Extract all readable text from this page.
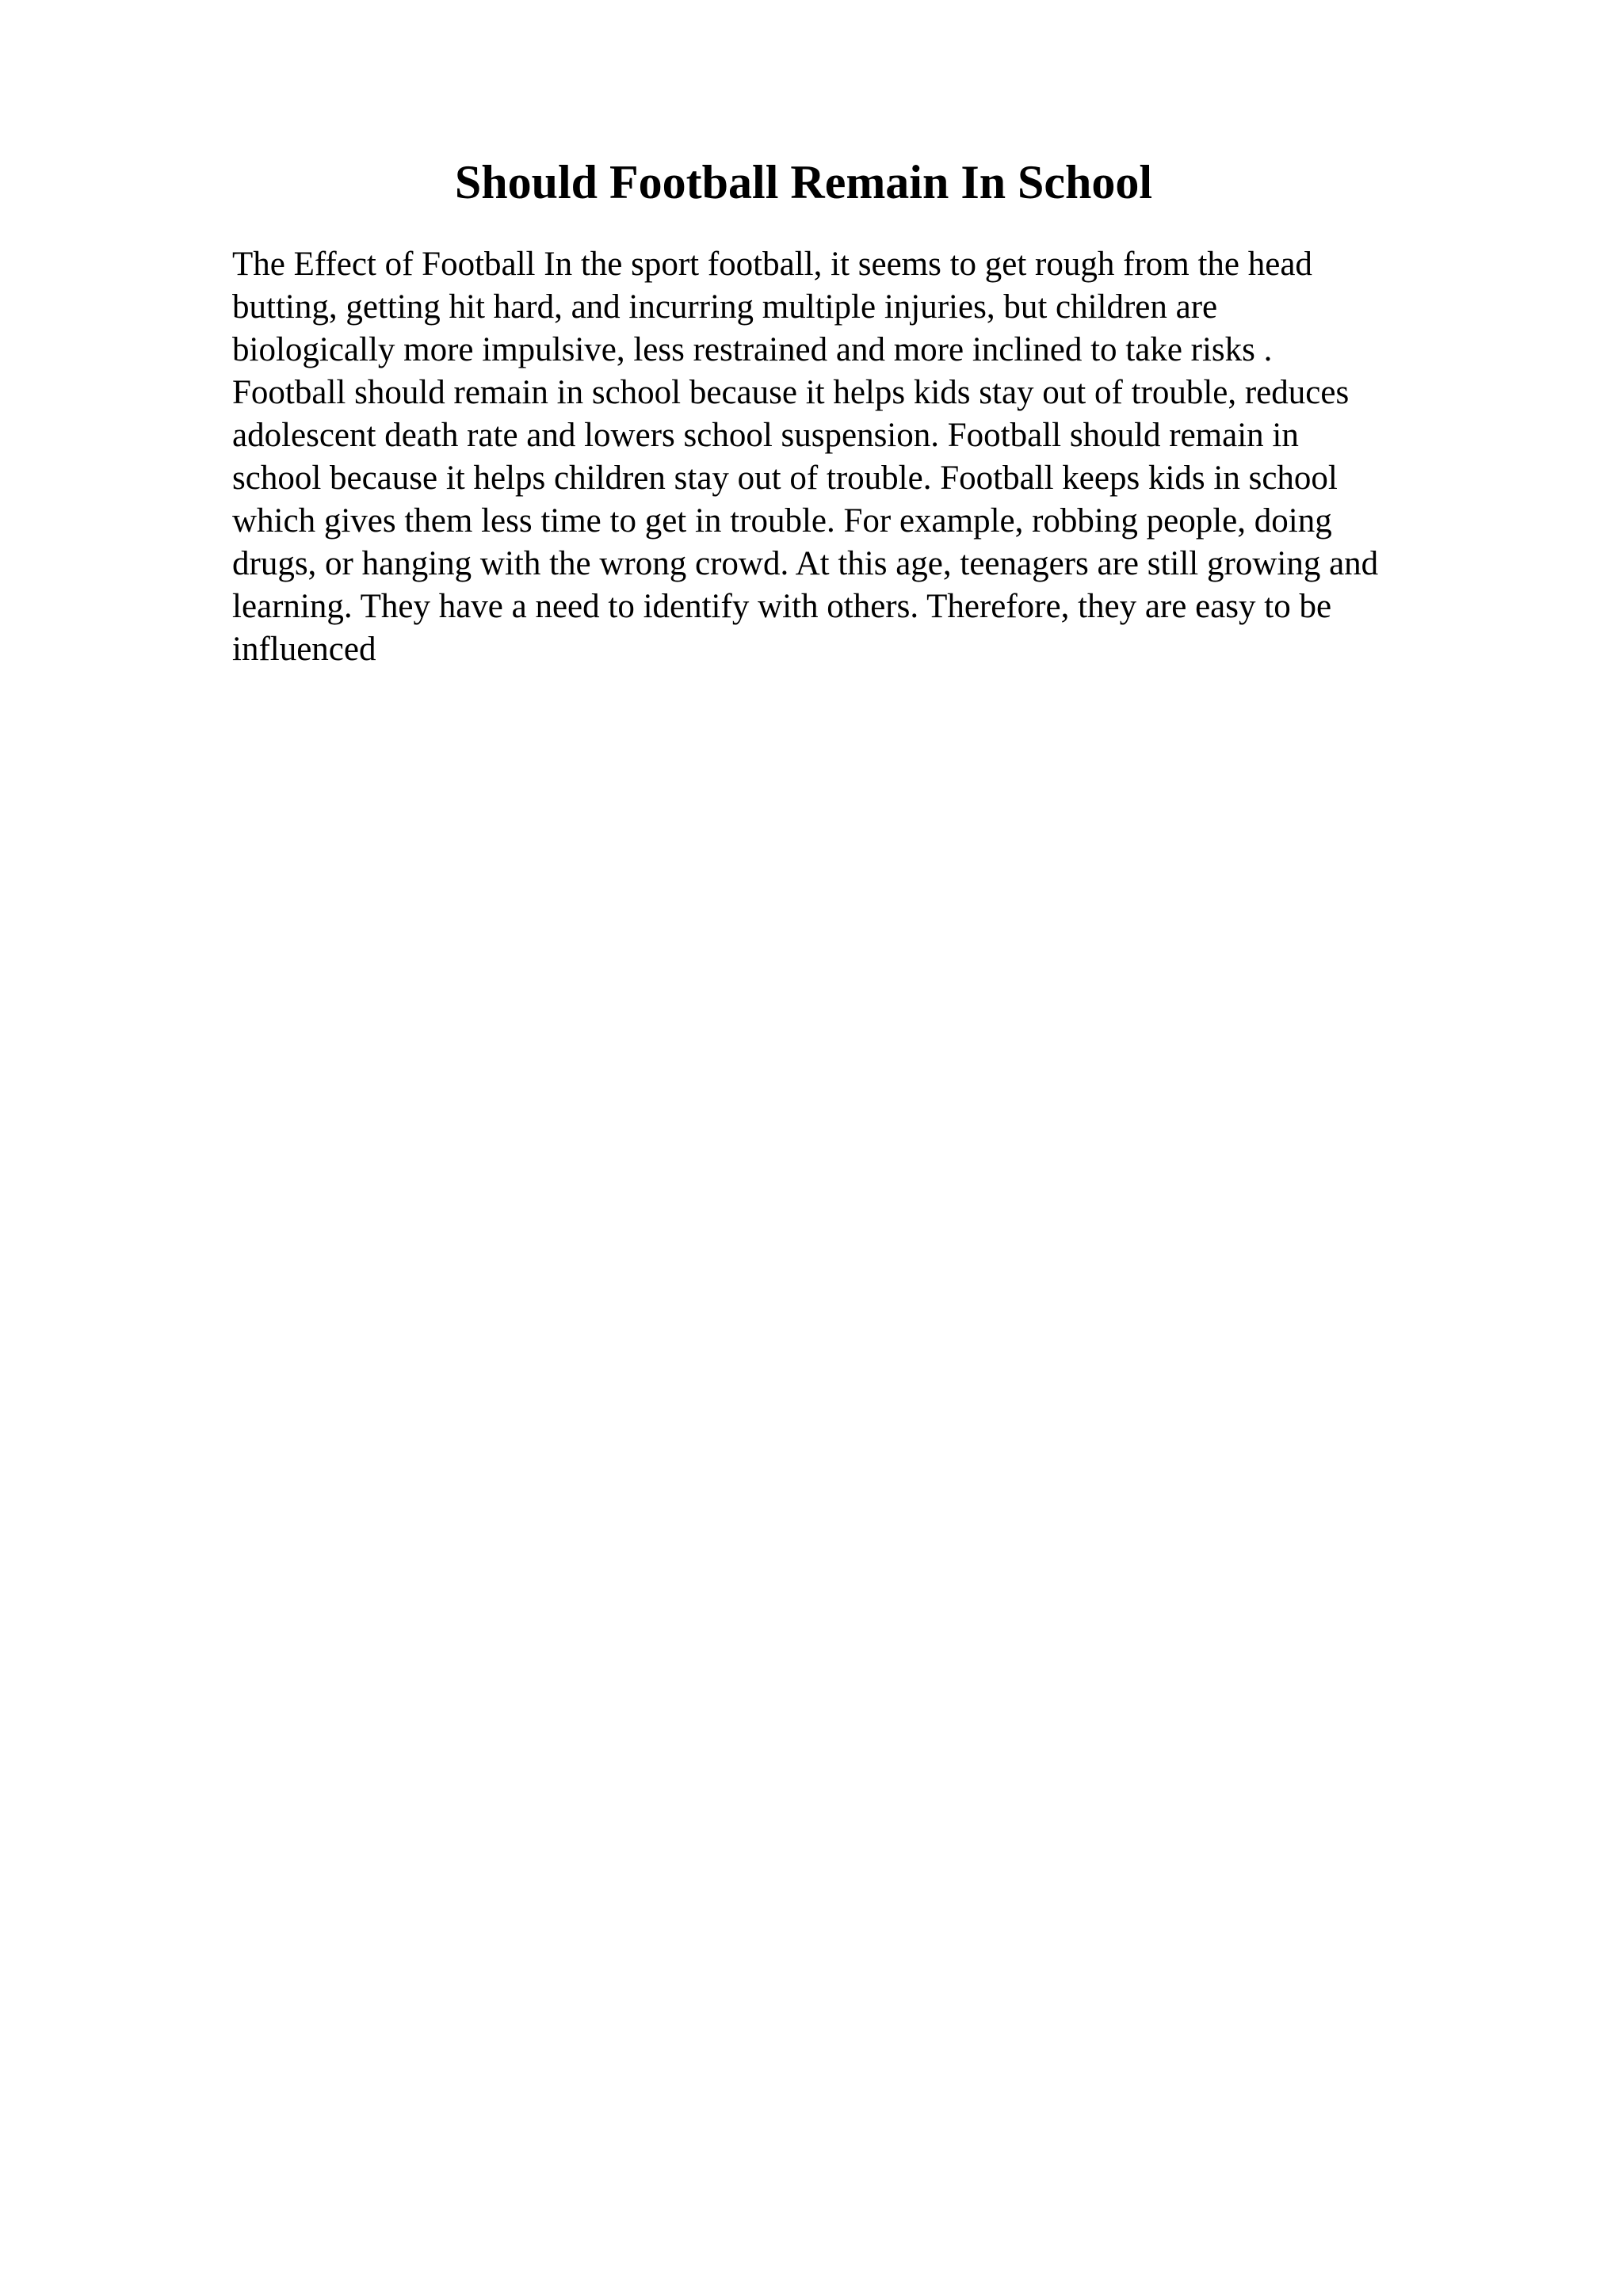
Should Football Remain In School
The Effect of Football In the sport football, it seems to get rough from the head
butting, getting hit hard, and incurring multiple injuries, but children are
biologically more impulsive, less restrained and more inclined to take risks .
Football should remain in school because it helps kids stay out of trouble, reduces
adolescent death rate and lowers school suspension. Football should remain in
school because it helps children stay out of trouble. Football keeps kids in school
which gives them less time to get in trouble. For example, robbing people, doing
drugs, or hanging with the wrong crowd. At this age, teenagers are still growing and
learning. They have a need to identify with others. Therefore, they are easy to be
influenced
